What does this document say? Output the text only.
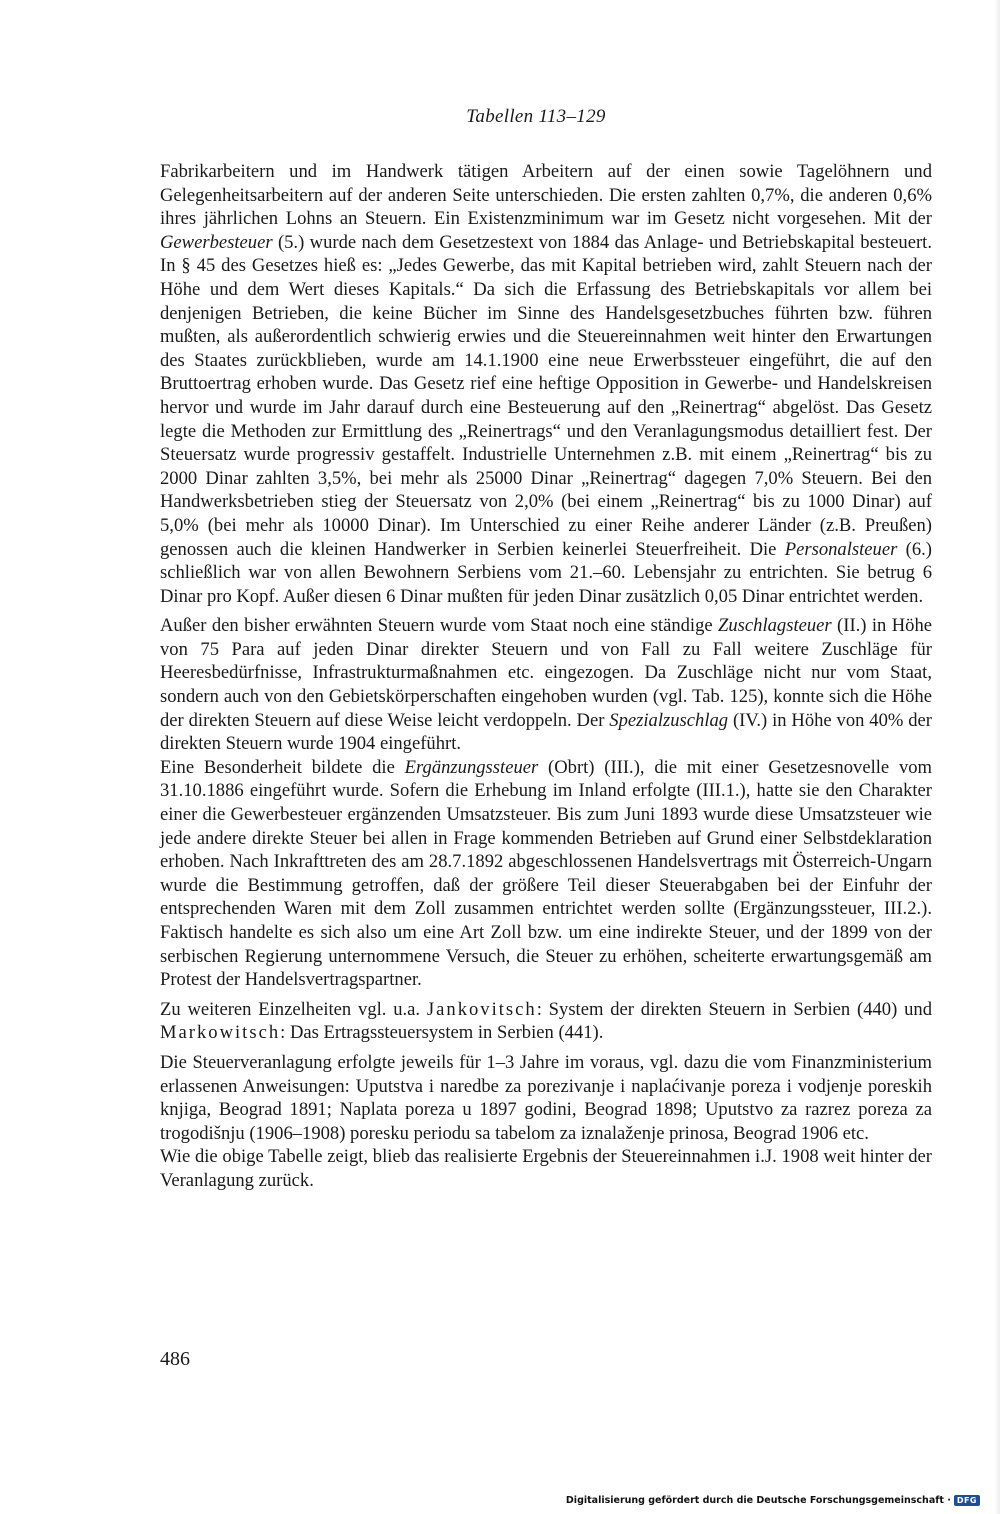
Tabellen 113–129

Fabrikarbeitern und im Handwerk tätigen Arbeitern auf der einen sowie Tagelöhnern und Gelegenheitsarbeitern auf der anderen Seite unterschieden. Die ersten zahlten 0,7%, die anderen 0,6% ihres jährlichen Lohns an Steuern. Ein Existenzminimum war im Gesetz nicht vorgesehen. Mit der Gewerbesteuer (5.) wurde nach dem Gesetzestext von 1884 das Anlage- und Betriebskapital besteuert. In § 45 des Gesetzes hieß es: „Jedes Gewerbe, das mit Kapital betrieben wird, zahlt Steuern nach der Höhe und dem Wert dieses Kapitals.“ Da sich die Erfassung des Betriebskapitals vor allem bei denjenigen Betrieben, die keine Bücher im Sinne des Handelsgesetzbuches führten bzw. führen mußten, als außerordentlich schwierig erwies und die Steuereinnahmen weit hinter den Erwartungen des Staates zurückblieben, wurde am 14.1.1900 eine neue Erwerbssteuer eingeführt, die auf den Bruttoertrag erhoben wurde. Das Gesetz rief eine heftige Opposition in Gewerbe- und Handelskreisen hervor und wurde im Jahr darauf durch eine Besteuerung auf den „Reinertrag“ abgelöst. Das Gesetz legte die Methoden zur Ermittlung des „Reinertrags“ und den Veranlagungsmodus detailliert fest. Der Steuersatz wurde progressiv gestaffelt. Industrielle Unternehmen z.B. mit einem „Reinertrag“ bis zu 2000 Dinar zahlten 3,5%, bei mehr als 25000 Dinar „Reinertrag“ dagegen 7,0% Steuern. Bei den Handwerksbetrieben stieg der Steuersatz von 2,0% (bei einem „Reinertrag“ bis zu 1000 Dinar) auf 5,0% (bei mehr als 10000 Dinar). Im Unterschied zu einer Reihe anderer Länder (z.B. Preußen) genossen auch die kleinen Handwerker in Serbien keinerlei Steuerfreiheit. Die Personalsteuer (6.) schließlich war von allen Bewohnern Serbiens vom 21.–60. Lebensjahr zu entrichten. Sie betrug 6 Dinar pro Kopf. Außer diesen 6 Dinar mußten für jeden Dinar zusätzlich 0,05 Dinar entrichtet werden.

Außer den bisher erwähnten Steuern wurde vom Staat noch eine ständige Zuschlagsteuer (II.) in Höhe von 75 Para auf jeden Dinar direkter Steuern und von Fall zu Fall weitere Zuschläge für Heeresbedürfnisse, Infrastrukturmaßnahmen etc. eingezogen. Da Zuschläge nicht nur vom Staat, sondern auch von den Gebietskörperschaften eingehoben wurden (vgl. Tab. 125), konnte sich die Höhe der direkten Steuern auf diese Weise leicht verdoppeln. Der Spezialzuschlag (IV.) in Höhe von 40% der direkten Steuern wurde 1904 eingeführt.

Eine Besonderheit bildete die Ergänzungssteuer (Obrt) (III.), die mit einer Gesetzesnovelle vom 31.10.1886 eingeführt wurde. Sofern die Erhebung im Inland erfolgte (III.1.), hatte sie den Charakter einer die Gewerbesteuer ergänzenden Umsatzsteuer. Bis zum Juni 1893 wurde diese Umsatzsteuer wie jede andere direkte Steuer bei allen in Frage kommenden Betrieben auf Grund einer Selbstdeklaration erhoben. Nach Inkrafttreten des am 28.7.1892 abgeschlossenen Handelsvertrags mit Österreich-Ungarn wurde die Bestimmung getroffen, daß der größere Teil dieser Steuerabgaben bei der Einfuhr der entsprechenden Waren mit dem Zoll zusammen entrichtet werden sollte (Ergänzungssteuer, III.2.). Faktisch handelte es sich also um eine Art Zoll bzw. um eine indirekte Steuer, und der 1899 von der serbischen Regierung unternommene Versuch, die Steuer zu erhöhen, scheiterte erwartungsgemäß am Protest der Handelsvertragspartner.

Zu weiteren Einzelheiten vgl. u.a. Jankovitsch: System der direkten Steuern in Serbien (440) und Markowitsch: Das Ertragssteuersystem in Serbien (441).

Die Steuerveranlagung erfolgte jeweils für 1–3 Jahre im voraus, vgl. dazu die vom Finanzministerium erlassenen Anweisungen: Uputstva i naredbe za porezivanje i naplaćivanje poreza i vodjenje poreskih knjiga, Beograd 1891; Naplata poreza u 1897 godini, Beograd 1898; Uputstvo za razrez poreza za trogodišnju (1906–1908) poresku periodu sa tabelom za iznalaženje prinosa, Beograd 1906 etc.

Wie die obige Tabelle zeigt, blieb das realisierte Ergebnis der Steuereinnahmen i.J. 1908 weit hinter der Veranlagung zurück.

486
Digitalisierung gefördert durch die Deutsche Forschungsgemeinschaft · DFG
